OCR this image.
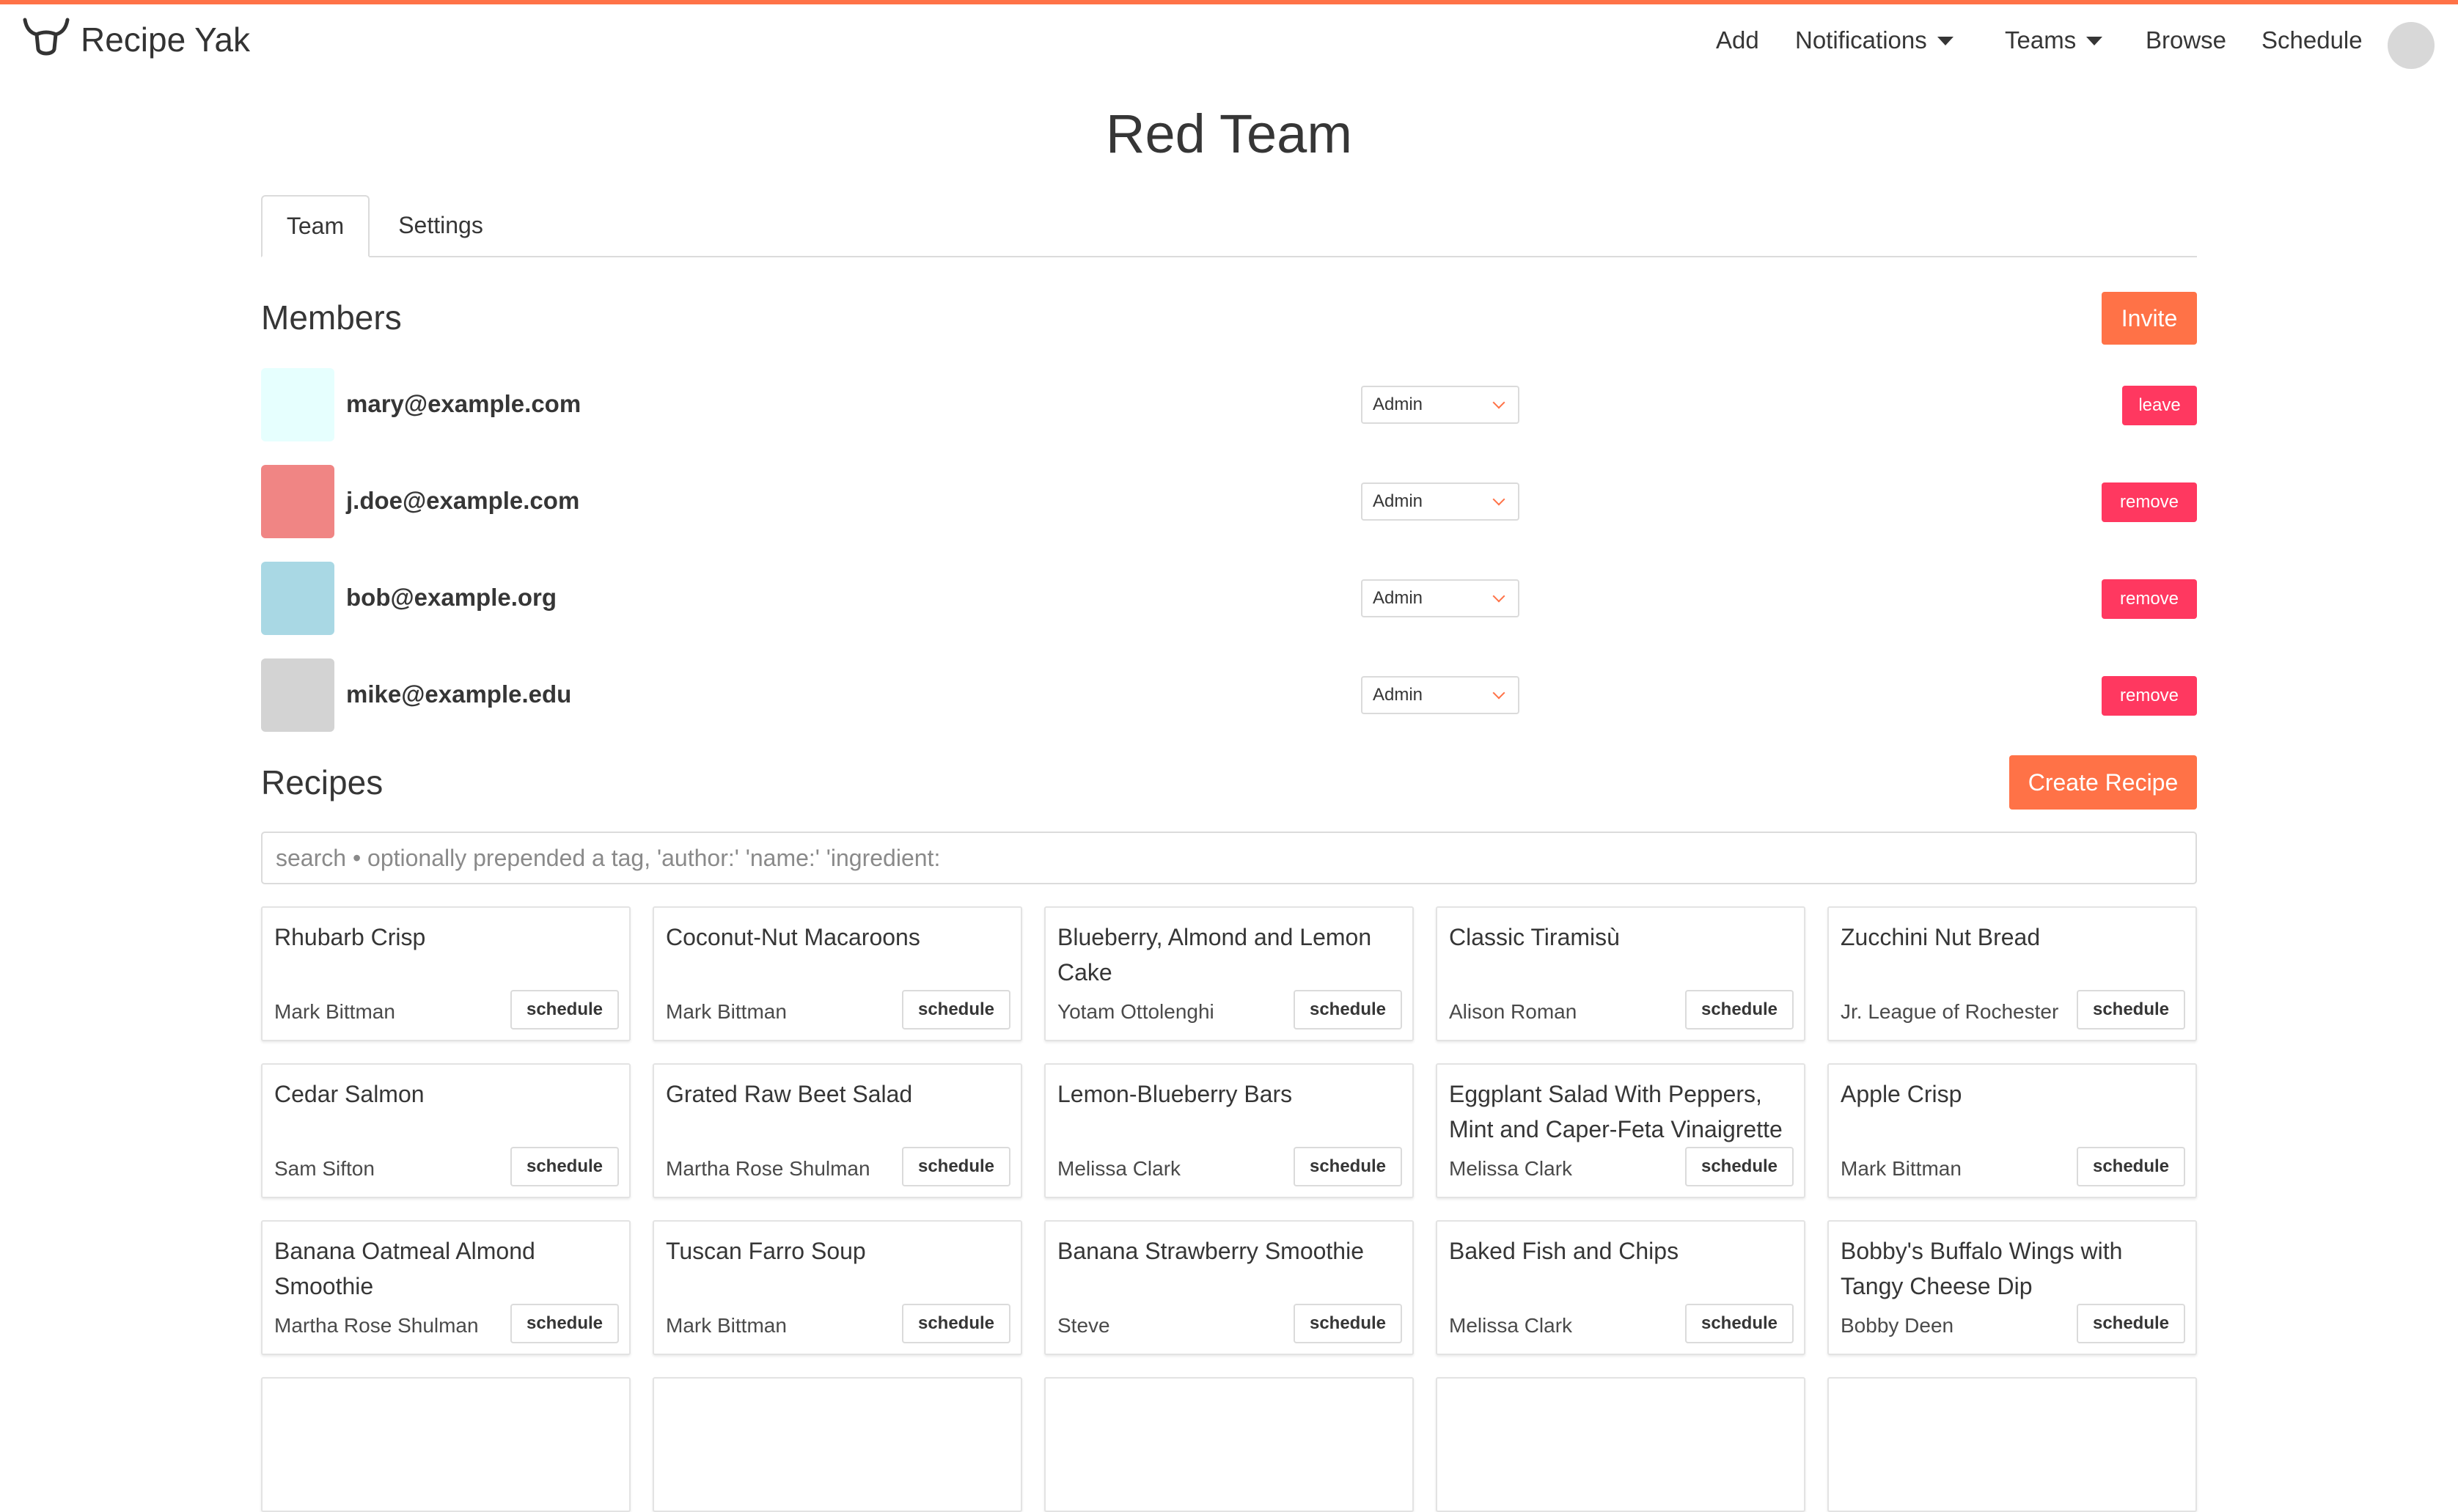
Recipe Yak	Add Notifications	Teams	Browse Schedule
Red Team
Team	Settings
Members	Invite
mary@example.com	Admin	leave
j.doe@example.com	Admin	remove
bob@example.org	Admin	remove
mike@example.edu	Admin	remove
Recipes	Create Recipe
search • optionally prepended a tag, 'author:' 'name:' 'ingredient:
Rhubarb Crisp
Mark Bittman	schedule
Coconut-Nut Macaroons
Mark Bittman	schedule
Blueberry, Almond and Lemon Cake
Yotam Ottolenghi	schedule
Classic Tiramisù
Alison Roman	schedule
Zucchini Nut Bread
Jr. League of Rochester	schedule
Cedar Salmon
Sam Sifton	schedule
Grated Raw Beet Salad
Martha Rose Shulman	schedule
Lemon-Blueberry Bars
Melissa Clark	schedule
Eggplant Salad With Peppers, Mint and Caper-Feta Vinaigrette
Melissa Clark	schedule
Apple Crisp
Mark Bittman	schedule
Banana Oatmeal Almond Smoothie
Martha Rose Shulman	schedule
Tuscan Farro Soup
Mark Bittman	schedule
Banana Strawberry Smoothie
Steve	schedule
Baked Fish and Chips
Melissa Clark	schedule
Bobby's Buffalo Wings with Tangy Cheese Dip
Bobby Deen	schedule
